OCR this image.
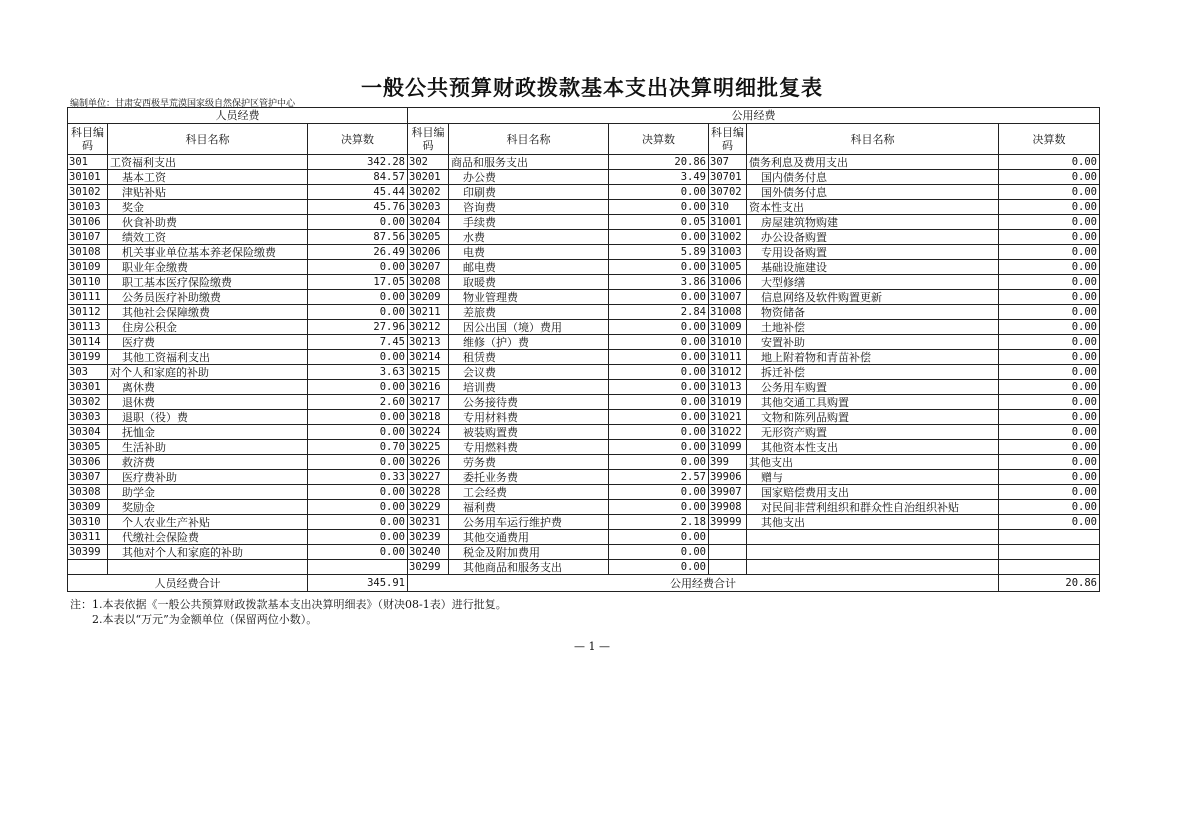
一般公共预算财政拨款基本支出决算明细批复表
编制单位：甘肃安西极旱荒漠国家级自然保护区管护中心
人员经费			公用经费					
科目编码	科目名称	决算数	科目编码	科目名称	决算数	科目编码	科目名称	决算数
301	工资福利支出	342.28	302	商品和服务支出	20.86	307	债务利息及费用支出	0.00
30101	基本工资	84.57	30201	办公费	3.49	30701	国内债务付息	0.00
30102	津贴补贴	45.44	30202	印刷费	0.00	30702	国外债务付息	0.00
30103	奖金	45.76	30203	咨询费	0.00	310	资本性支出	0.00
30106	伙食补助费	0.00	30204	手续费	0.05	31001	房屋建筑物购建	0.00
30107	绩效工资	87.56	30205	水费	0.00	31002	办公设备购置	0.00
30108	机关事业单位基本养老保险缴费	26.49	30206	电费	5.89	31003	专用设备购置	0.00
30109	职业年金缴费	0.00	30207	邮电费	0.00	31005	基础设施建设	0.00
30110	职工基本医疗保险缴费	17.05	30208	取暖费	3.86	31006	大型修缮	0.00
30111	公务员医疗补助缴费	0.00	30209	物业管理费	0.00	31007	信息网络及软件购置更新	0.00
30112	其他社会保障缴费	0.00	30211	差旅费	2.84	31008	物资储备	0.00
30113	住房公积金	27.96	30212	因公出国（境）费用	0.00	31009	土地补偿	0.00
30114	医疗费	7.45	30213	维修（护）费	0.00	31010	安置补助	0.00
30199	其他工资福利支出	0.00	30214	租赁费	0.00	31011	地上附着物和青苗补偿	0.00
303	对个人和家庭的补助	3.63	30215	会议费	0.00	31012	拆迁补偿	0.00
30301	离休费	0.00	30216	培训费	0.00	31013	公务用车购置	0.00
30302	退休费	2.60	30217	公务接待费	0.00	31019	其他交通工具购置	0.00
30303	退职（役）费	0.00	30218	专用材料费	0.00	31021	文物和陈列品购置	0.00
30304	抚恤金	0.00	30224	被装购置费	0.00	31022	无形资产购置	0.00
30305	生活补助	0.70	30225	专用燃料费	0.00	31099	其他资本性支出	0.00
30306	救济费	0.00	30226	劳务费	0.00	399	其他支出	0.00
30307	医疗费补助	0.33	30227	委托业务费	2.57	39906	赠与	0.00
30308	助学金	0.00	30228	工会经费	0.00	39907	国家赔偿费用支出	0.00
30309	奖励金	0.00	30229	福利费	0.00	39908	对民间非营利组织和群众性自治组织补贴	0.00
30310	个人农业生产补贴	0.00	30231	公务用车运行维护费	2.18	39999	其他支出	0.00
30311	代缴社会保险费	0.00	30239	其他交通费用	0.00			
30399	其他对个人和家庭的补助	0.00	30240	税金及附加费用	0.00			
			30299	其他商品和服务支出	0.00			
人员经费合计		345.91	公用经费合计					20.86
注：1.本表依据《一般公共预算财政拨款基本支出决算明细表》（财决08-1表）进行批复。
　　2.本表以“万元”为金额单位（保留两位小数）。
— 1 —
